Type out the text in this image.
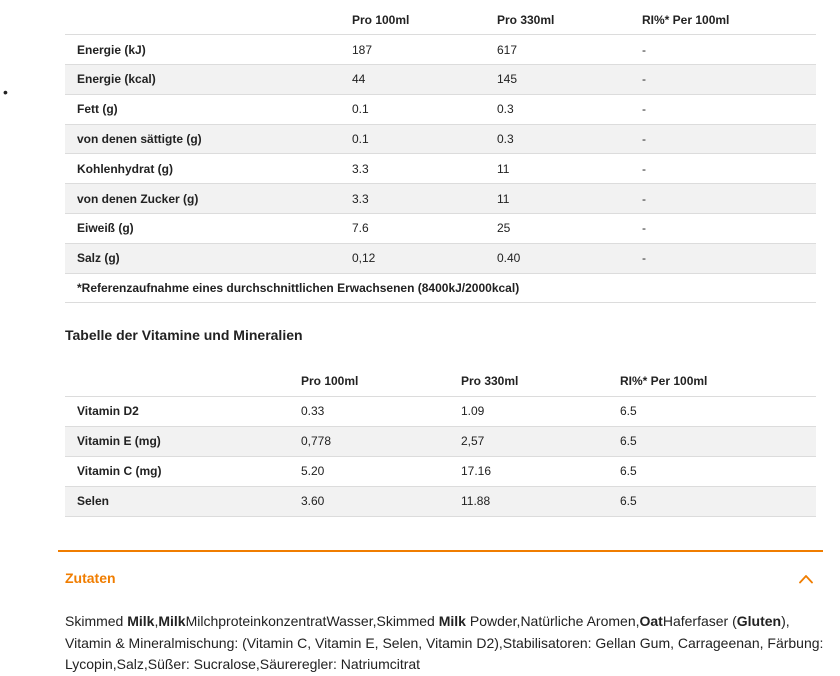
•
	Pro 100ml	Pro 330ml	RI%* Per 100ml
Energie (kJ)	187	617	-
Energie (kcal)	44	145	-
Fett (g)	0.1	0.3	-
von denen sättigte (g)	0.1	0.3	-
Kohlenhydrat (g)	3.3	11	-
von denen Zucker (g)	3.3	11	-
Eiweiß (g)	7.6	25	-
Salz (g)	0,12	0.40	-
*Referenzaufnahme eines durchschnittlichen Erwachsenen (8400kJ/2000kcal)			
Tabelle der Vitamine und Mineralien
	Pro 100ml	Pro 330ml	RI%* Per 100ml
Vitamin D2	0.33	1.09	6.5
Vitamin E (mg)	0,778	2,57	6.5
Vitamin C (mg)	5.20	17.16	6.5
Selen	3.60	11.88	6.5
Zutaten

Skimmed Milk,MilkMilchproteinkonzentratWasser,Skimmed Milk Powder,Natürliche Aromen,OatHaferfaser (Gluten), Vitamin & Mineralmischung: (Vitamin C, Vitamin E, Selen, Vitamin D2),Stabilisatoren: Gellan Gum, Carrageenan, Färbung: Lycopin,Salz,Süßer: Sucralose,Säureregler: Natriumcitrat
